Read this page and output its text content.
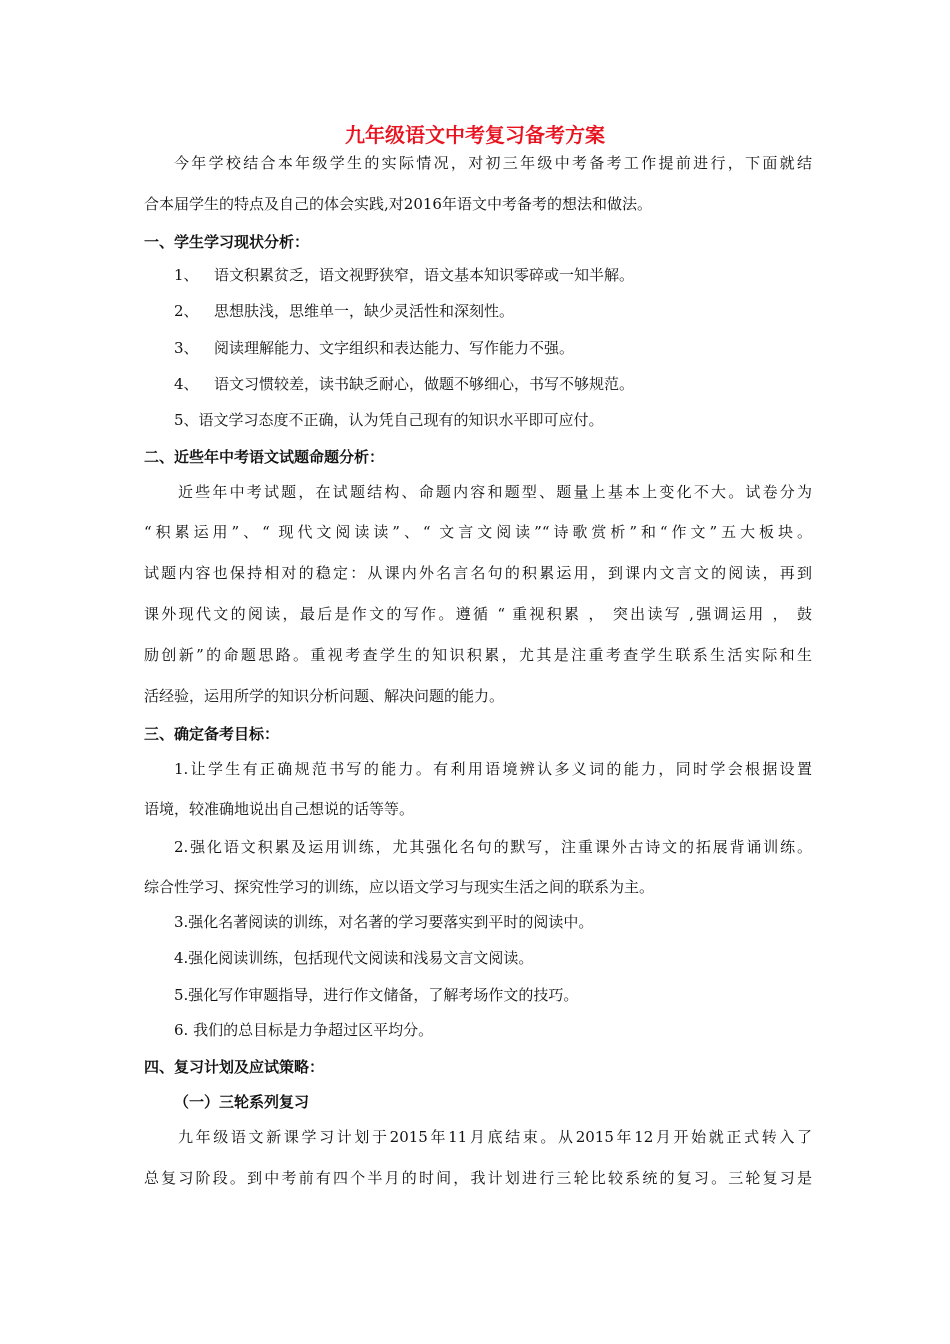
九年级语文中考复习备考方案

今年学校结合本年级学生的实际情况，对初三年级中考备考工作提前进行，下面就结

合本届学生的特点及自己的体会实践,对2016年语文中考备考的想法和做法。

一、学生学习现状分析：

1、 语文积累贫乏，语文视野狭窄，语文基本知识零碎或一知半解。

2、 思想肤浅，思维单一，缺少灵活性和深刻性。

3、 阅读理解能力、文字组织和表达能力、写作能力不强。

4、 语文习惯较差，读书缺乏耐心，做题不够细心，书写不够规范。

5、语文学习态度不正确，认为凭自己现有的知识水平即可应付。

二、近些年中考语文试题命题分析：

近些年中考试题，在试题结构、命题内容和题型、题量上基本上变化不大。试卷分为

“积累运用”、“ 现代文阅读读”、“ 文言文阅读”“诗歌赏析”和“作文”五大板块。

试题内容也保持相对的稳定：从课内外名言名句的积累运用，到课内文言文的阅读，再到

课外现代文的阅读，最后是作文的写作。遵循 “ 重视积累 ， 突出读写 ,强调运用 ， 鼓

励创新”的命题思路。重视考查学生的知识积累，尤其是注重考查学生联系生活实际和生

活经验，运用所学的知识分析问题、解决问题的能力。

三、确定备考目标：

1.让学生有正确规范书写的能力。有利用语境辨认多义词的能力，同时学会根据设置

语境，较准确地说出自己想说的话等等。

2.强化语文积累及运用训练，尤其强化名句的默写，注重课外古诗文的拓展背诵训练。

综合性学习、探究性学习的训练，应以语文学习与现实生活之间的联系为主。

3.强化名著阅读的训练，对名著的学习要落实到平时的阅读中。

4.强化阅读训练，包括现代文阅读和浅易文言文阅读。

5.强化写作审题指导，进行作文储备，了解考场作文的技巧。

6. 我们的总目标是力争超过区平均分。

四、复习计划及应试策略：

（一）三轮系列复习

九年级语文新课学习计划于2015年11月底结束。从2015年12月开始就正式转入了

总复习阶段。到中考前有四个半月的时间，我计划进行三轮比较系统的复习。三轮复习是
